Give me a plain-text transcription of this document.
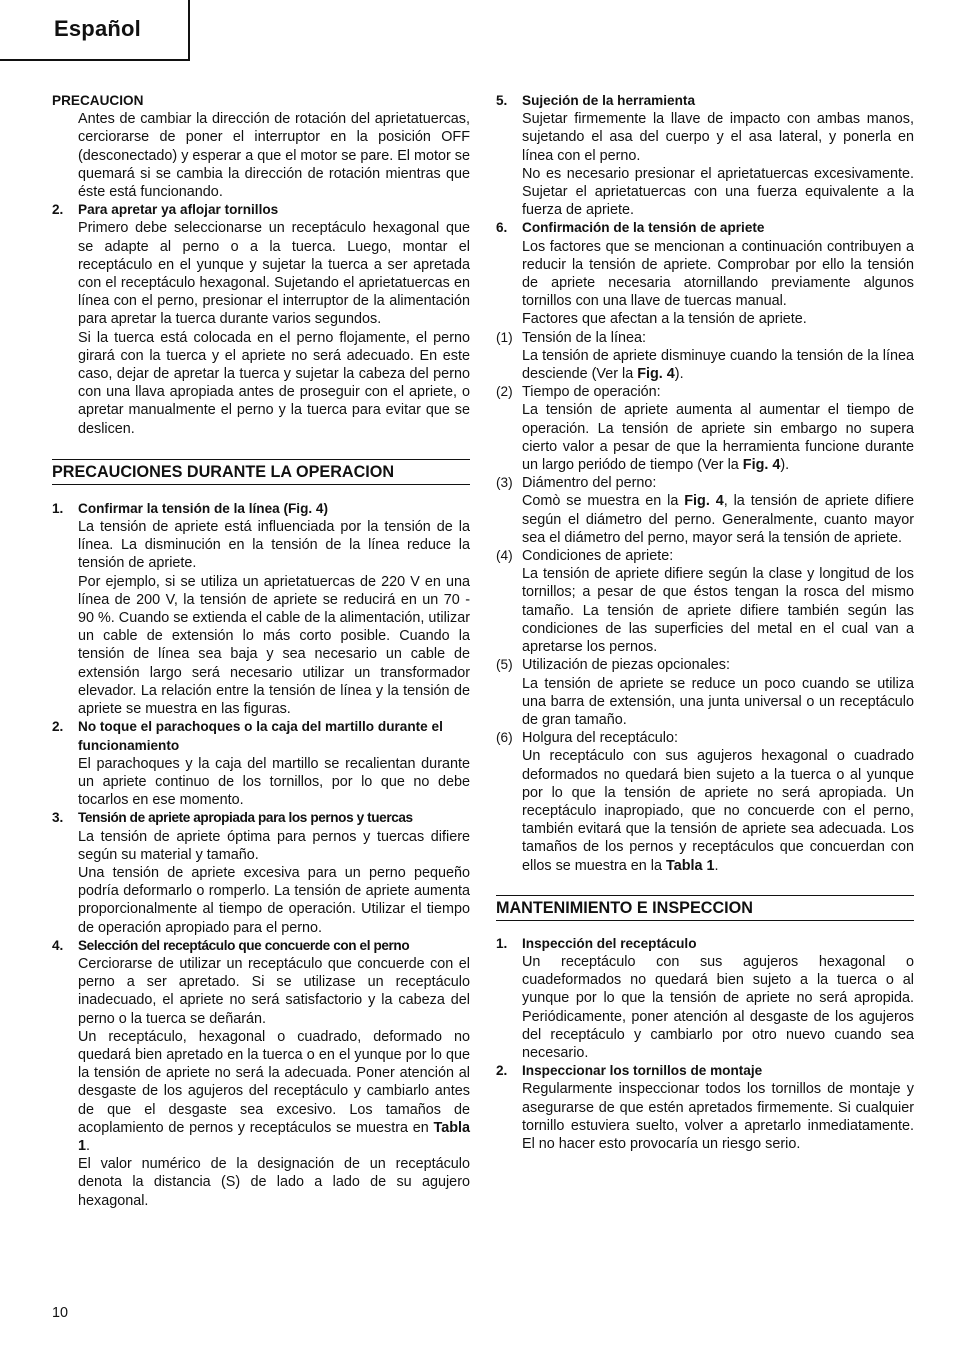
Español

PRECAUCION

Antes de cambiar la dirección de rotación del aprietatuercas, cerciorarse de poner el interruptor en la posición OFF (desconectado) y esperar a que el motor se pare. El motor se quemará si se cambia la dirección de rotación mientras que éste está funcionando.

2.	Para apretar ya aflojar tornillos

Primero debe seleccionarse un receptáculo hexagonal que se adapte al perno o a la tuerca. Luego, montar el receptáculo en el yunque y sujetar la tuerca a ser apretada con el receptáculo hexagonal. Sujetando el aprietatuercas en línea con el perno, presionar el interruptor de la alimentación para apretar la tuerca durante varios segundos.

Si la tuerca está colocada en el perno flojamente, el perno girará con la tuerca y el apriete no será adecuado. En este caso, dejar de apretar la tuerca y sujetar la cabeza del perno con una llava apropiada antes de proseguir con el apriete, o apretar manualmente el perno y la tuerca para evitar que se deslicen.

PRECAUCIONES DURANTE LA OPERACION

1.	Confirmar la tensión de la línea (Fig. 4)

La tensión de apriete está influenciada por la tensión de la línea. La disminución en la tensión de la línea reduce la tensión de apriete.

Por ejemplo, si se utiliza un aprietatuercas de 220 V en una línea de 200 V, la tensión de apriete se reducirá en un 70 - 90 %. Cuando se extienda el cable de la alimentación, utilizar un cable de extensión lo más corto posible. Cuando la tensión de línea sea baja y sea necesario un cable de extensión largo será necesario utilizar un transformador elevador. La relación entre la tensión de línea y la tensión de apriete se muestra en las figuras.

2.	No toque el parachoques o la caja del martillo durante el funcionamiento

El parachoques y la caja del martillo se recalientan durante un apriete continuo de los tornillos, por lo que no debe tocarlos en ese momento.

3.	Tensión de apriete apropiada para los pernos y tuercas

La tensión de apriete óptima para pernos y tuercas difiere según su material y tamaño.

Una tensión de apriete excesiva para un perno pequeño podría deformarlo o romperlo. La tensión de apriete aumenta proporcionalmente al tiempo de operación. Utilizar el tiempo de operación apropiado para el perno.

4.	Selección del receptáculo que concuerde con el perno

Cerciorarse de utilizar un receptáculo que concuerde con el perno a ser apretado. Si se utilizase un receptáculo inadecuado, el apriete no será satisfactorio y la cabeza del perno o la tuerca se deñarán.

Un receptáculo, hexagonal o cuadrado, deformado no quedará bien apretado en la tuerca o en el yunque por lo que la tensión de apriete no será la adecuada. Poner atención al desgaste de los agujeros del receptáculo y cambiarlo antes de que el desgaste sea excesivo. Los tamaños de acoplamiento de pernos y receptáculos se muestra en Tabla 1.

El valor numérico de la designación de un receptáculo denota la distancia (S) de lado a lado de su agujero hexagonal.

5.	Sujeción de la herramienta

Sujetar firmemente la llave de impacto con ambas manos, sujetando el asa del cuerpo y el asa lateral, y ponerla en línea con el perno.

No es necesario presionar el aprietatuercas excesivamente. Sujetar el aprietatuercas con una fuerza equivalente a la fuerza de apriete.

6.	Confirmación de la tensión de apriete

Los factores que se mencionan a continuación contribuyen a reducir la tensión de apriete. Comprobar por ello la tensión de apriete necesaria atornillando previamente algunos tornillos con una llave de tuercas manual.

Factores que afectan a la tensión de apriete.

(1) Tensión de la línea:

La tensión de apriete disminuye cuando la tensión de la línea desciende (Ver la Fig. 4).

(2) Tiempo de operación:

La tensión de apriete aumenta al aumentar el tiempo de operación. La tensión de apriete sin embargo no supera cierto valor a pesar de que la herramienta funcione durante un largo periódo de tiempo (Ver la Fig. 4).

(3) Diámentro del perno:

Comò se muestra en la Fig. 4, la tensión de apriete difiere según el diámetro del perno. Generalmente, cuanto mayor sea el diámetro del perno, mayor será la tensión de apriete.

(4) Condiciones de apriete:

La tensión de apriete difiere según la clase y longitud de los tornillos; a pesar de que éstos tengan la rosca del mismo tamaño. La tensión de apriete difiere también según las condiciones de las superficies del metal en el cual van a apretarse los pernos.

(5) Utilización de piezas opcionales:

La tensión de apriete se reduce un poco cuando se utiliza una barra de extensión, una junta universal o un receptáculo de gran tamaño.

(6) Holgura del receptáculo:

Un receptáculo con sus agujeros hexagonal o cuadrado deformados no quedará bien sujeto a la tuerca o al yunque por lo que la tensión de apriete no será apropiada. Un receptáculo inapropiado, que no concuerde con el perno, también evitará que la tensión de apriete sea adecuada. Los tamaños de los pernos y receptáculos que concuerdan con ellos se muestra en la Tabla 1.

MANTENIMIENTO E INSPECCION

1.	Inspección del receptáculo

Un receptáculo con sus agujeros hexagonal o cuadeformados no quedará bien sujeto a la tuerca o al yunque por lo que la tensión de apriete no será apropida. Periódicamente, poner atención al desgaste de los agujeros del receptáculo y cambiarlo por otro nuevo cuando sea necesario.

2.	Inspeccionar los tornillos de montaje

Regularmente inspeccionar todos los tornillos de montaje y asegurarse de que estén apretados firmemente. Si cualquier tornillo estuviera suelto, volver a apretarlo inmediatamente. El no hacer esto provocaría un riesgo serio.

10
